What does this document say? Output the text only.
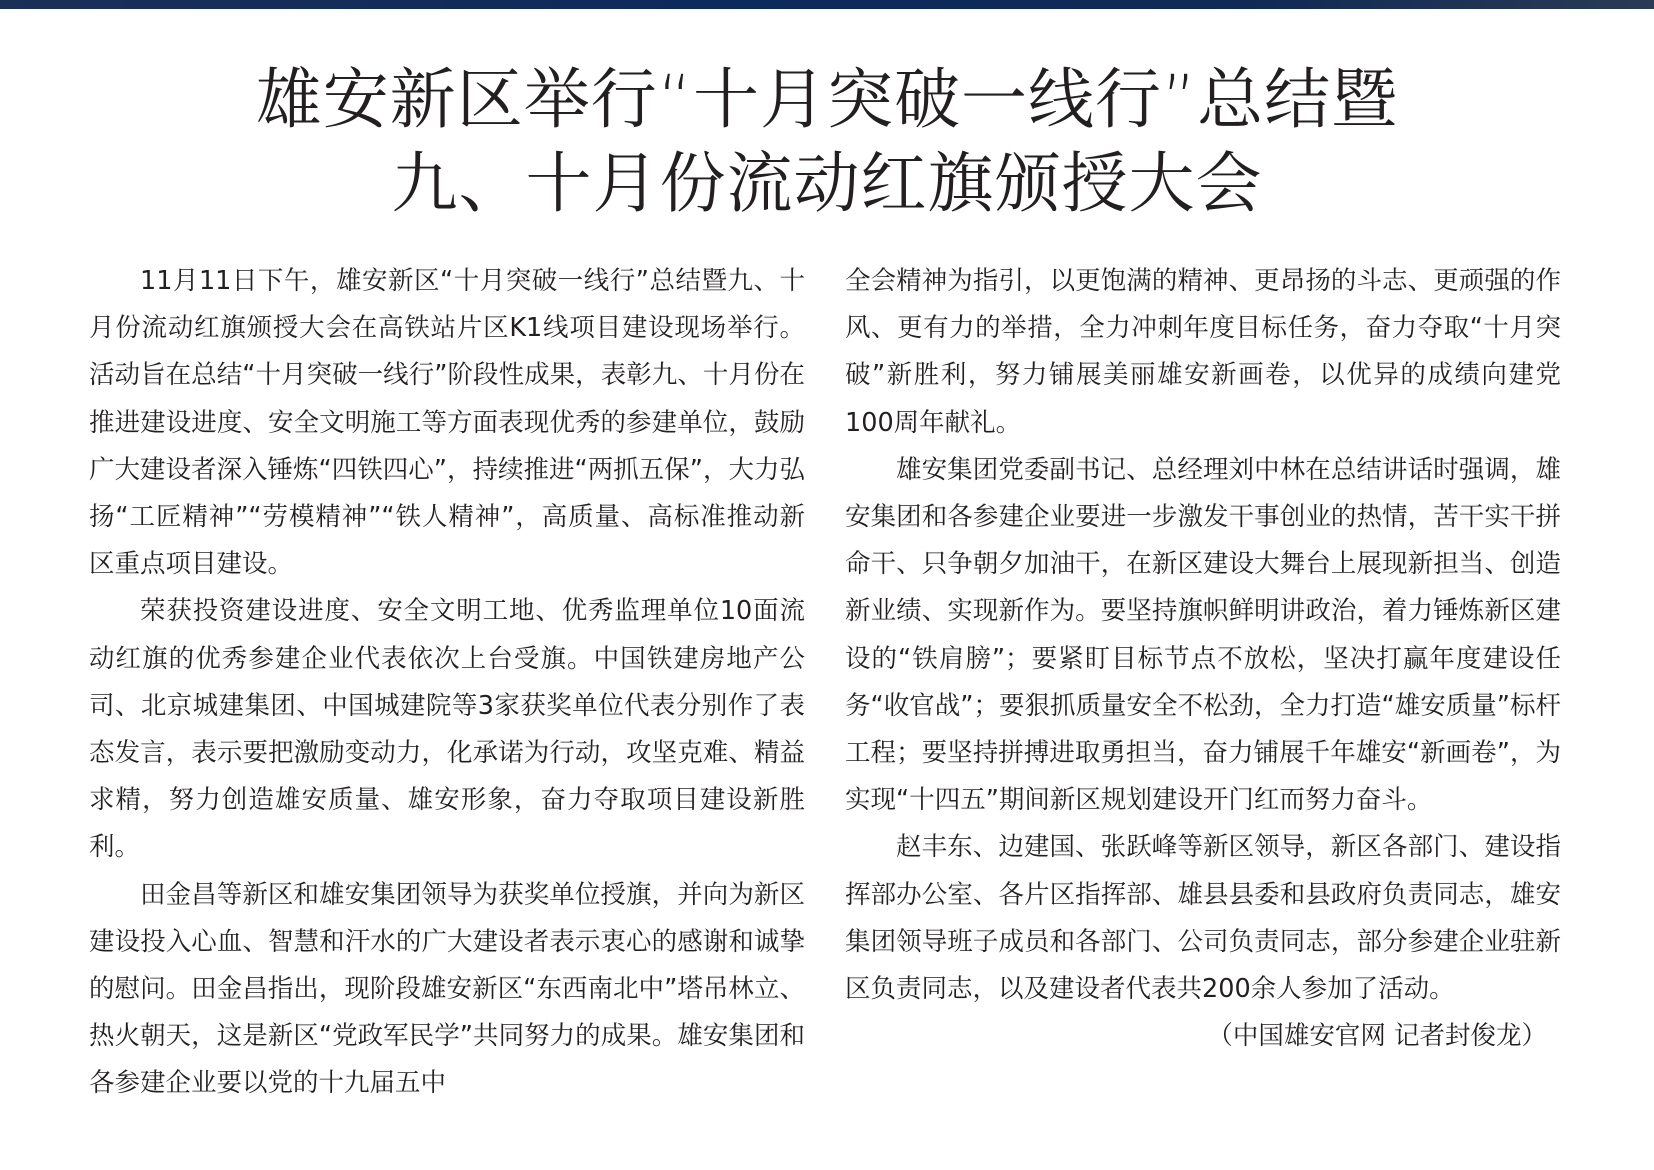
雄安新区举行“十月突破一线行”总结暨
九、十月份流动红旗颁授大会

11月11日下午，雄安新区“十月突破一线行”总结暨九、十月份流动红旗颁授大会在高铁站片区K1线项目建设现场举行。活动旨在总结“十月突破一线行”阶段性成果，表彰九、十月份在推进建设进度、安全文明施工等方面表现优秀的参建单位，鼓励广大建设者深入锤炼“四铁四心”，持续推进“两抓五保”，大力弘扬“工匠精神”“劳模精神”“铁人精神”，高质量、高标准推动新区重点项目建设。

荣获投资建设进度、安全文明工地、优秀监理单位10面流动红旗的优秀参建企业代表依次上台受旗。中国铁建房地产公司、北京城建集团、中国城建院等3家获奖单位代表分别作了表态发言，表示要把激励变动力，化承诺为行动，攻坚克难、精益求精，努力创造雄安质量、雄安形象，奋力夺取项目建设新胜利。

田金昌等新区和雄安集团领导为获奖单位授旗，并向为新区建设投入心血、智慧和汗水的广大建设者表示衷心的感谢和诚挚的慰问。田金昌指出，现阶段雄安新区“东西南北中”塔吊林立、热火朝天，这是新区“党政军民学”共同努力的成果。雄安集团和各参建企业要以党的十九届五中

全会精神为指引，以更饱满的精神、更昂扬的斗志、更顽强的作风、更有力的举措，全力冲刺年度目标任务，奋力夺取“十月突破”新胜利，努力铺展美丽雄安新画卷，以优异的成绩向建党100周年献礼。

雄安集团党委副书记、总经理刘中林在总结讲话时强调，雄安集团和各参建企业要进一步激发干事创业的热情，苦干实干拼命干、只争朝夕加油干，在新区建设大舞台上展现新担当、创造新业绩、实现新作为。要坚持旗帜鲜明讲政治，着力锤炼新区建设的“铁肩膀”；要紧盯目标节点不放松，坚决打赢年度建设任务“收官战”；要狠抓质量安全不松劲，全力打造“雄安质量”标杆工程；要坚持拼搏进取勇担当，奋力铺展千年雄安“新画卷”，为实现“十四五”期间新区规划建设开门红而努力奋斗。

赵丰东、边建国、张跃峰等新区领导，新区各部门、建设指挥部办公室、各片区指挥部、雄县县委和县政府负责同志，雄安集团领导班子成员和各部门、公司负责同志，部分参建企业驻新区负责同志，以及建设者代表共200余人参加了活动。
（中国雄安官网 记者封俊龙）
